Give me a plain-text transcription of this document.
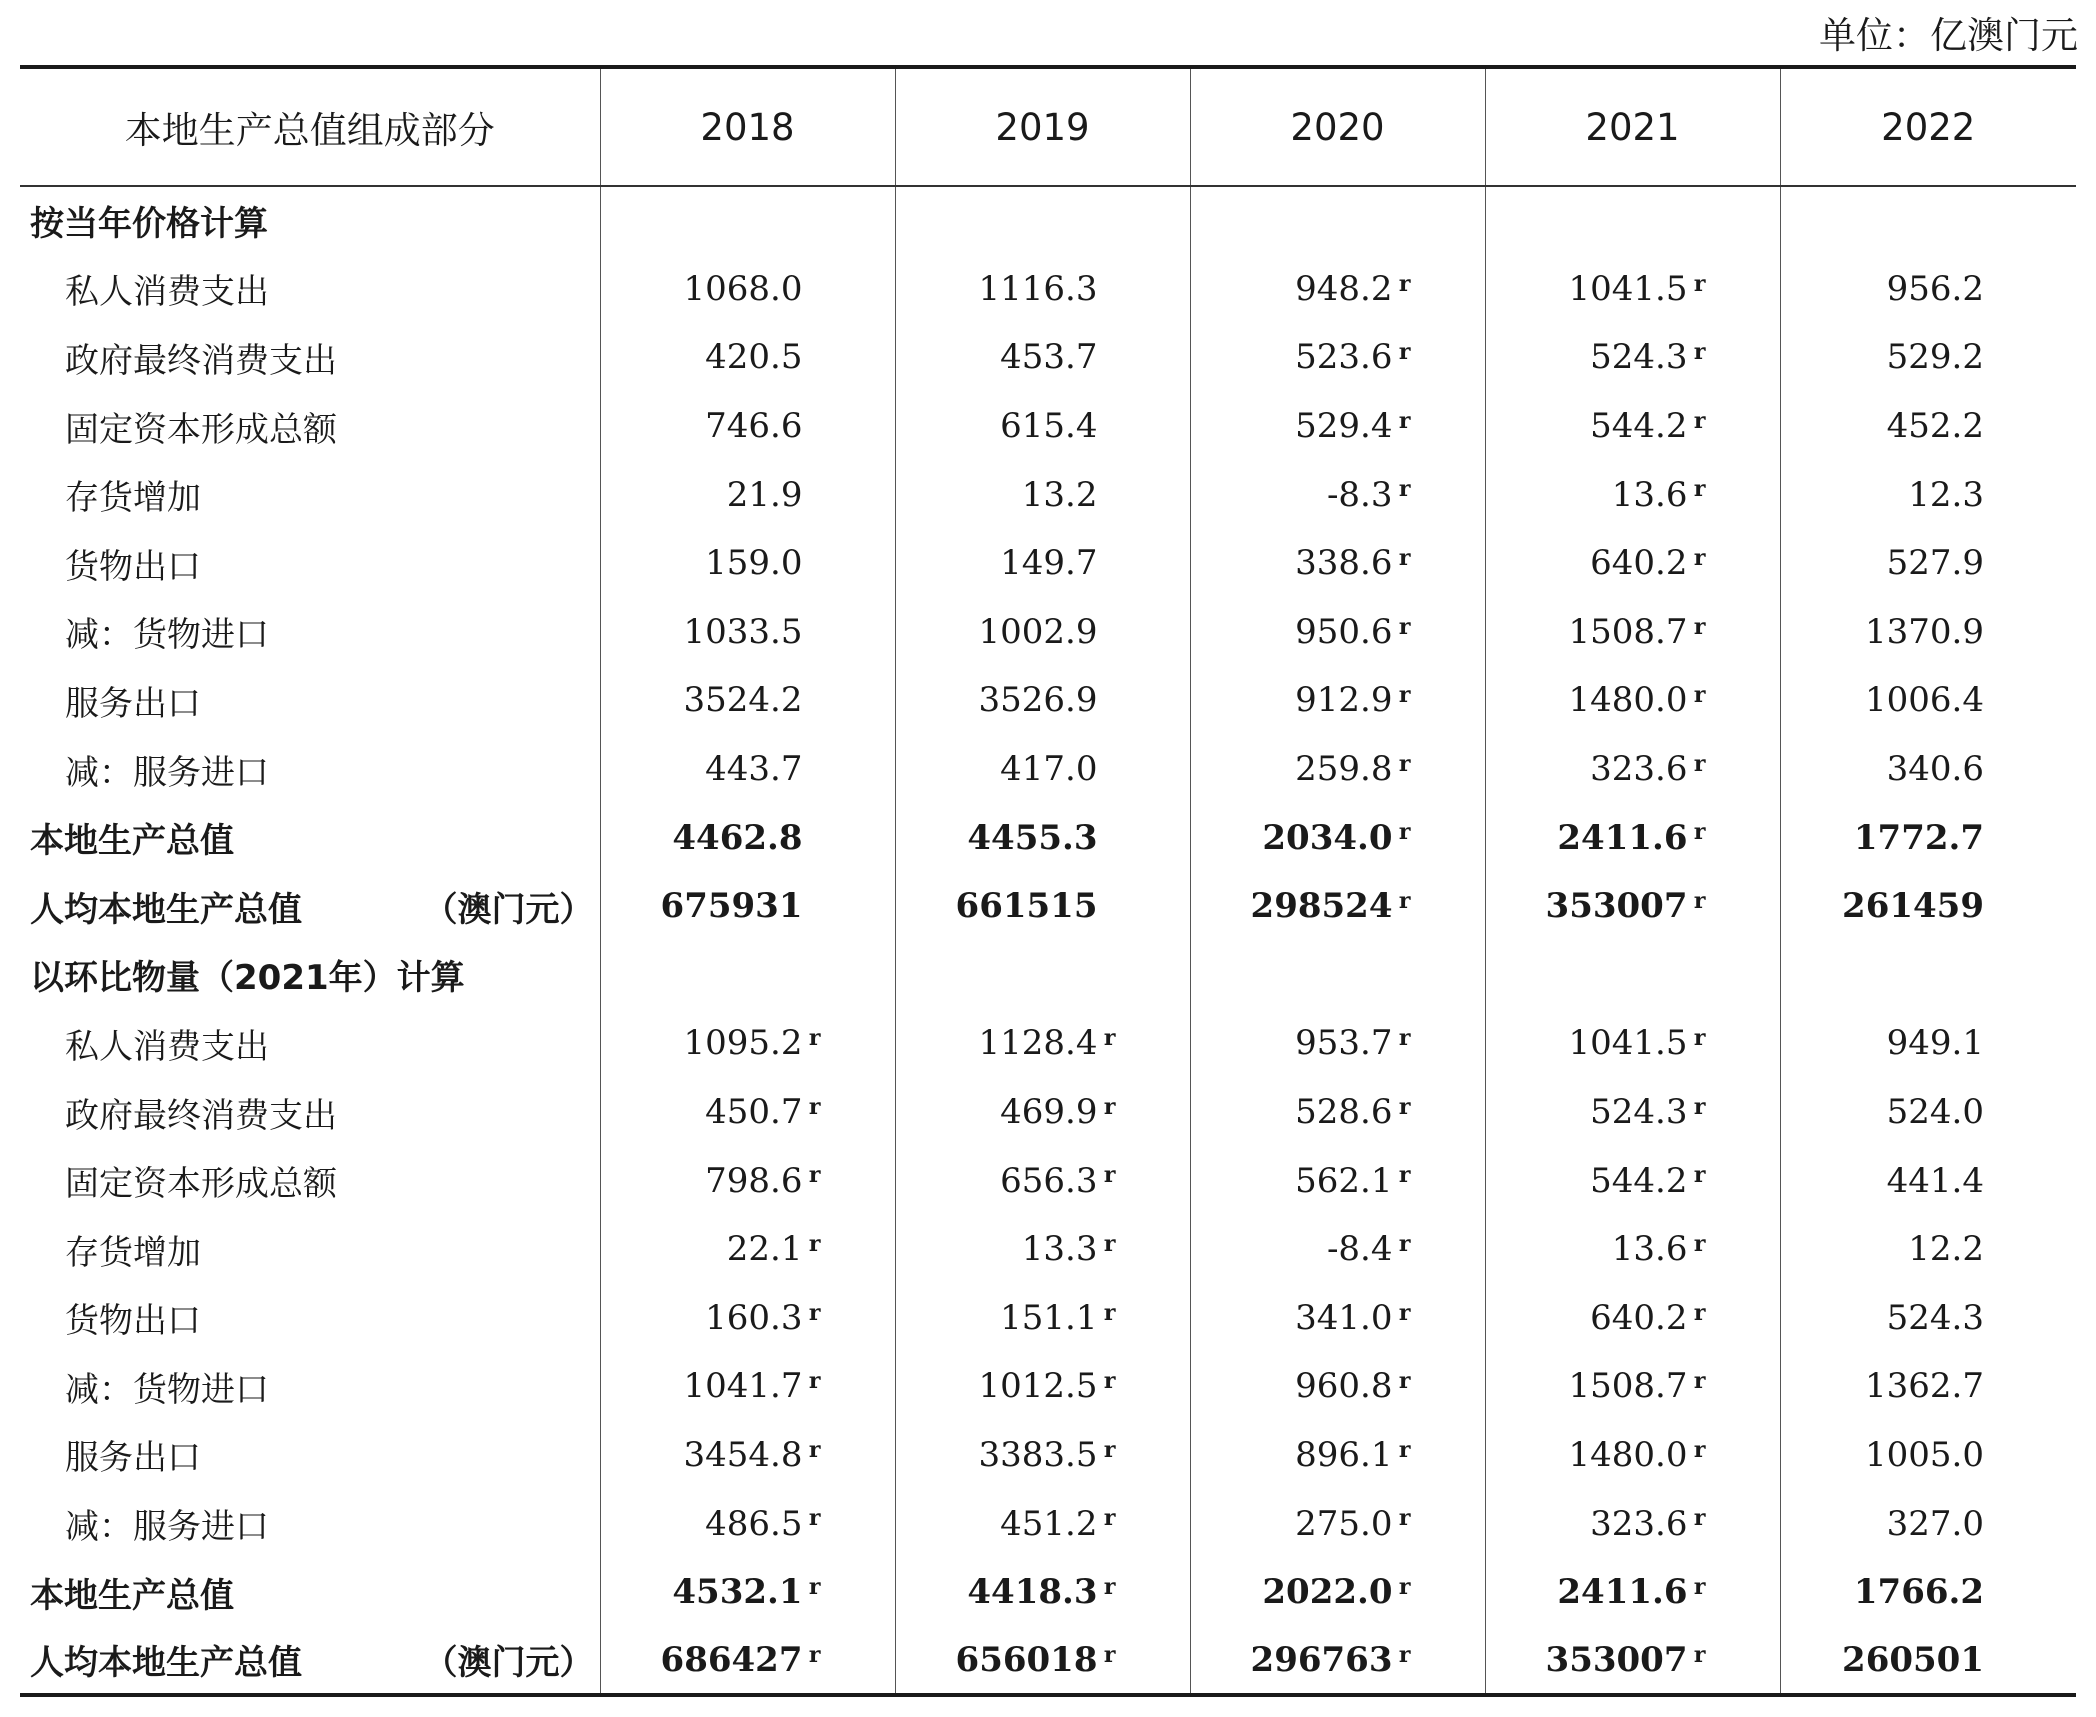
单位：亿澳门元
本地生产总值组成部分	2018	2019	2020	2021	2022
按当年价格计算					

私人消费支出	1068.0	1116.3	948.2 r	1041.5 r	956.2

政府最终消费支出	420.5	453.7	523.6 r	524.3 r	529.2

固定资本形成总额	746.6	615.4	529.4 r	544.2 r	452.2

存货增加	21.9	13.2	-8.3 r	13.6 r	12.3

货物出口	159.0	149.7	338.6 r	640.2 r	527.9

减：货物进口	1033.5	1002.9	950.6 r	1508.7 r	1370.9

服务出口	3524.2	3526.9	912.9 r	1480.0 r	1006.4

减：服务进口	443.7	417.0	259.8 r	323.6 r	340.6

本地生产总值	4462.8	4455.3	2034.0 r	2411.6 r	1772.7

人均本地生产总值 （澳门元）	675931	661515	298524 r	353007 r	261459
以环比物量（2021年）计算					

私人消费支出	1095.2 r	1128.4 r	953.7 r	1041.5 r	949.1

政府最终消费支出	450.7 r	469.9 r	528.6 r	524.3 r	524.0

固定资本形成总额	798.6 r	656.3 r	562.1 r	544.2 r	441.4

存货增加	22.1 r	13.3 r	-8.4 r	13.6 r	12.2

货物出口	160.3 r	151.1 r	341.0 r	640.2 r	524.3

减：货物进口	1041.7 r	1012.5 r	960.8 r	1508.7 r	1362.7

服务出口	3454.8 r	3383.5 r	896.1 r	1480.0 r	1005.0

减：服务进口	486.5 r	451.2 r	275.0 r	323.6 r	327.0

本地生产总值	4532.1 r	4418.3 r	2022.0 r	2411.6 r	1766.2

人均本地生产总值 （澳门元）	686427 r	656018 r	296763 r	353007 r	260501
